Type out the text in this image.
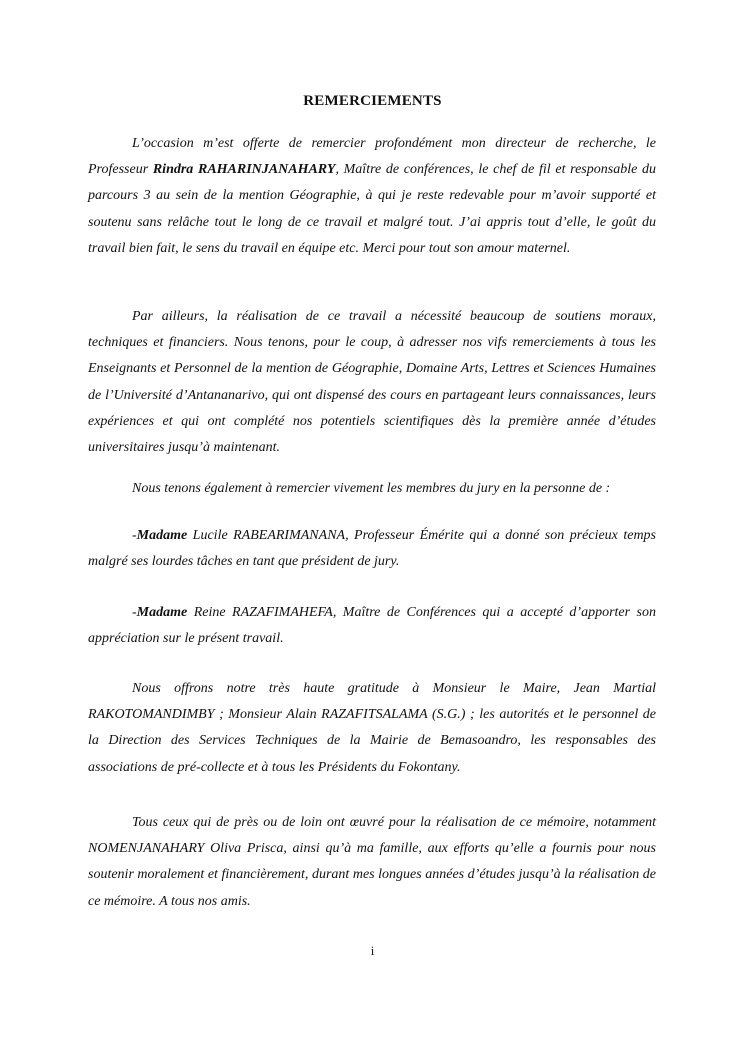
REMERCIEMENTS

L’occasion m’est offerte de remercier profondément mon directeur de recherche, le Professeur Rindra RAHARINJANAHARY, Maître de conférences, le chef de fil et responsable du parcours 3 au sein de la mention Géographie, à qui je reste redevable pour m’avoir supporté et soutenu sans relâche tout le long de ce travail et malgré tout. J’ai appris tout d’elle, le goût du travail bien fait, le sens du travail en équipe etc. Merci pour tout son amour maternel.

Par ailleurs, la réalisation de ce travail a nécessité beaucoup de soutiens moraux, techniques et financiers. Nous tenons, pour le coup, à adresser nos vifs remerciements à tous les Enseignants et Personnel de la mention de Géographie, Domaine Arts, Lettres et Sciences Humaines de l’Université d’Antananarivo, qui ont dispensé des cours en partageant leurs connaissances, leurs expériences et qui ont complété nos potentiels scientifiques dès la première année d’études universitaires jusqu’à maintenant.

Nous tenons également à remercier vivement les membres du jury en la personne de :

-Madame Lucile RABEARIMANANA, Professeur Émérite qui a donné son précieux temps malgré ses lourdes tâches en tant que président de jury.

-Madame Reine RAZAFIMAHEFA, Maître de Conférences qui a accepté d’apporter son appréciation sur le présent travail.

Nous offrons notre très haute gratitude à Monsieur le Maire, Jean Martial RAKOTOMANDIMBY ; Monsieur Alain RAZAFITSALAMA (S.G.) ; les autorités et le personnel de la Direction des Services Techniques de la Mairie de Bemasoandro, les responsables des associations de pré-collecte et à tous les Présidents du Fokontany.

Tous ceux qui de près ou de loin ont œuvré pour la réalisation de ce mémoire, notamment NOMENJANAHARY Oliva Prisca, ainsi qu’à ma famille, aux efforts qu’elle a fournis pour nous soutenir moralement et financièrement, durant mes longues années d’études jusqu’à la réalisation de ce mémoire. A tous nos amis.

i
